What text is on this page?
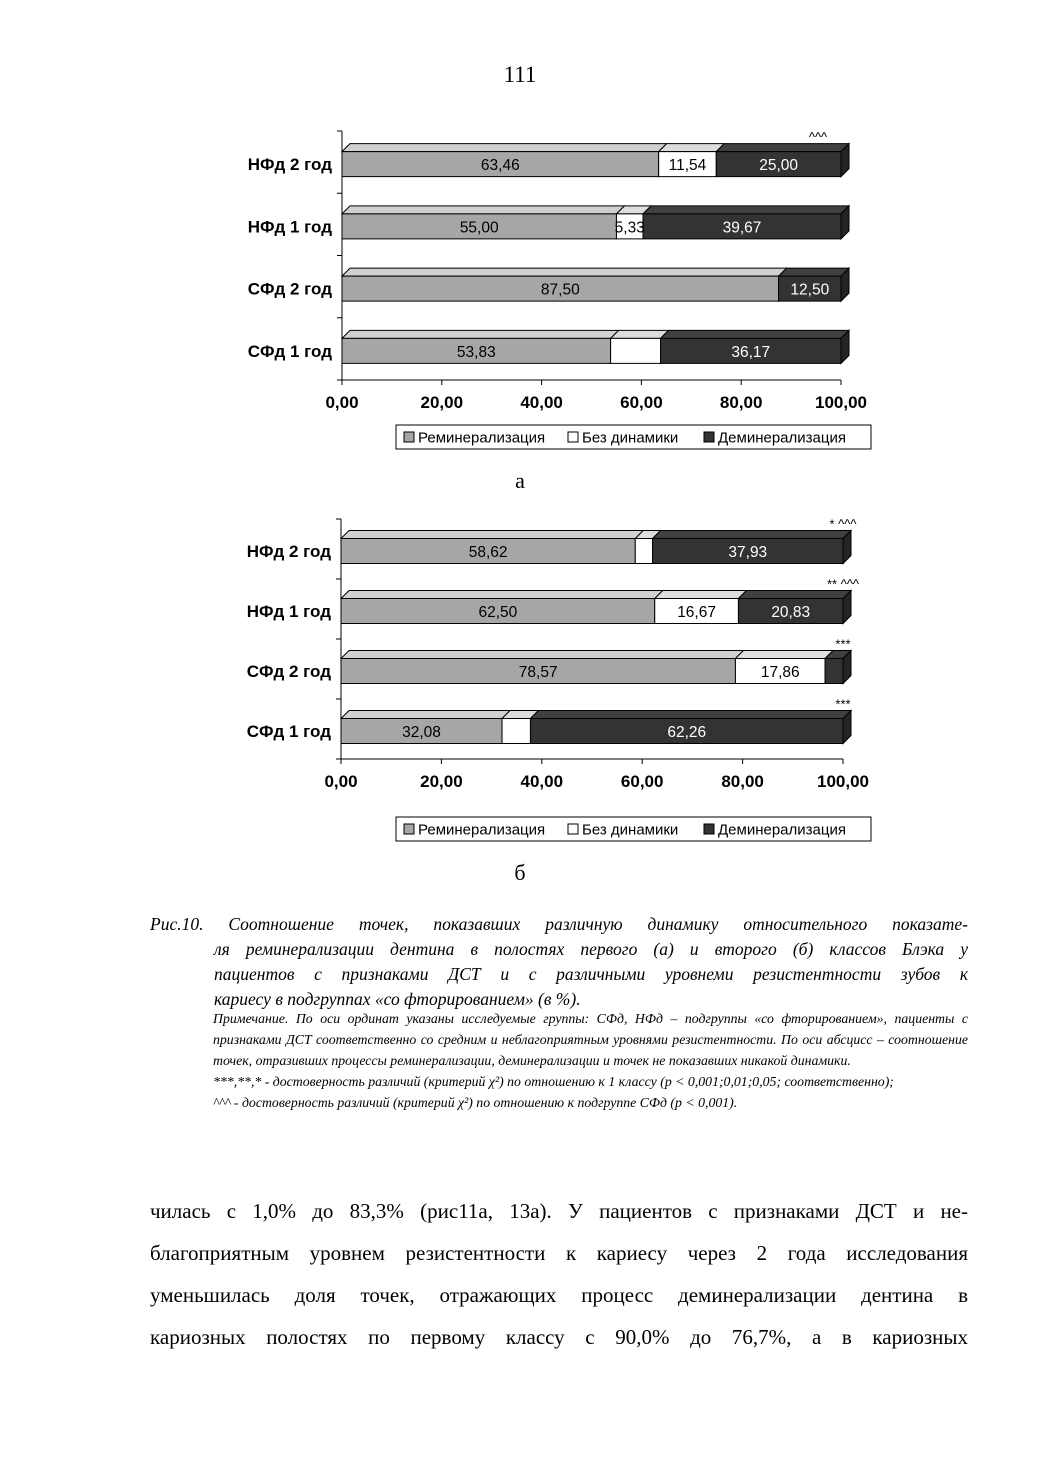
111
0,00	20,00	40,00	60,00	80,00	100,00
НФд 2 год	63,46	11,54	25,00
^^^
НФд 1 год	55,00	5,33	39,67
СФд 2 год	87,50	12,50
СФд 1 год	53,83	36,17
Реминерализация Без динамики	Деминерализация
а
0,00	20,00	40,00	60,00	80,00	100,00
НФд 2 год	58,62	37,93
* ^^^
НФд 1 год	62,50	16,67	20,83
** ^^^
СФд 2 год	78,57	17,86
***
СФд 1 год	32,08	62,26
***
Реминерализация Без динамики	Деминерализация
б
Рис.10. Соотношение точек, показавших различную динамику относительного показате-
ля реминерализации дентина в полостях первого (а) и второго (б) классов Блэка у
пациентов с признаками ДСТ и с различными уровнеми резистентности зубов к
кариесу в подгруппах «со фторированием» (в %).

Примечание. По оси ординат указаны исследуемые группы: СФд, НФд – подгруппы «со фторированием», пациенты с признаками ДСТ соответственно со средним и неблагоприятным уровнями резистентности. По оси абсцисс – соотношение точек, отразивших процессы реминерализации, деминерализации и точек не показавших никакой динамики.

***,**,* - достоверность различий (критерий χ²) по отношению к 1 классу (p < 0,001;0,01;0,05; соответственно);

^^^ - достоверность различий (критерий χ²) по отношению к подгруппе СФд (p < 0,001).

чилась с 1,0% до 83,3% (рис11а, 13а). У пациентов с признаками ДСТ и не-

благоприятным уровнем резистентности к кариесу через 2 года исследования

уменьшилась доля точек, отражающих процесс деминерализации дентина в

кариозных полостях по первому классу с 90,0% до 76,7%, а в кариозных
